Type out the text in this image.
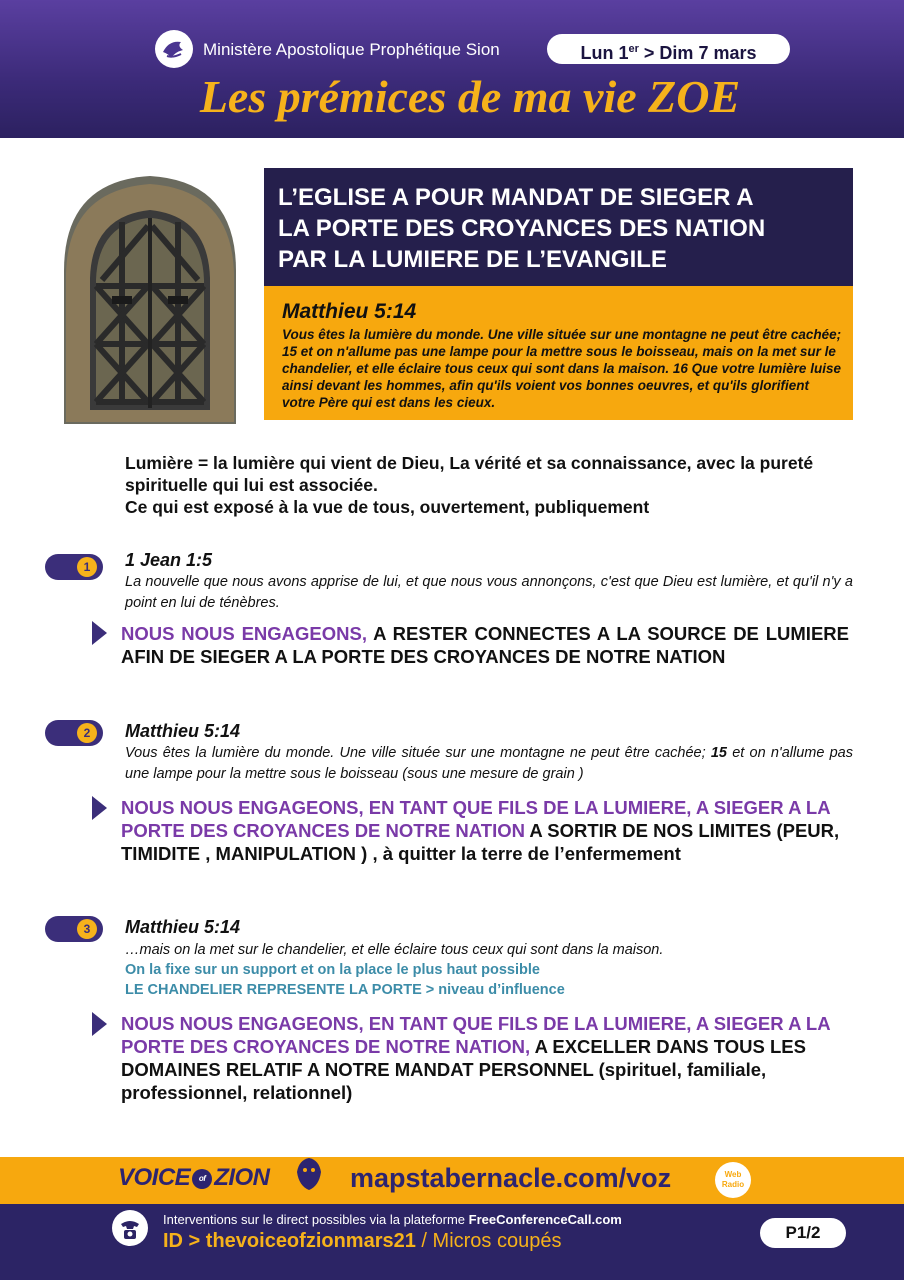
Ministère Apostolique Prophétique Sion	Lun 1er > Dim 7 mars
Les prémices de ma vie ZOE
L’EGLISE A POUR MANDAT DE SIEGER A
LA PORTE DES CROYANCES DES NATION
PAR LA LUMIERE DE L’EVANGILE
Matthieu 5:14
Vous êtes la lumière du monde. Une ville située sur une montagne ne peut être cachée; 15 et on n'allume pas une lampe pour la mettre sous le boisseau, mais on la met sur le chandelier, et elle éclaire tous ceux qui sont dans la maison. 16 Que votre lumière luise ainsi devant les hommes, afin qu'ils voient vos bonnes oeuvres, et qu'ils glorifient votre Père qui est dans les cieux.
Lumière = la lumière qui vient de Dieu, La vérité et sa connaissance, avec la pureté spirituelle qui lui est associée.
Ce qui est exposé à la vue de tous, ouvertement, publiquement
1	1 Jean 1:5
La nouvelle que nous avons apprise de lui, et que nous vous annonçons, c'est que Dieu est lumière, et qu'il n'y a point en lui de ténèbres.
NOUS NOUS ENGAGEONS, A RESTER CONNECTES A LA SOURCE DE LUMIERE AFIN DE SIEGER A LA PORTE DES CROYANCES DE NOTRE NATION
2	Matthieu 5:14
Vous êtes la lumière du monde. Une ville située sur une montagne ne peut être cachée; 15 et on n'allume pas une lampe pour la mettre sous le boisseau (sous une mesure de grain )
NOUS NOUS ENGAGEONS, EN TANT QUE FILS DE LA LUMIERE, A SIEGER A LA PORTE DES CROYANCES DE NOTRE NATION A SORTIR DE NOS LIMITES (PEUR, TIMIDITE , MANIPULATION ) , à quitter la terre de l’enfermement
3	Matthieu 5:14
…mais on la met sur le chandelier, et elle éclaire tous ceux qui sont dans la maison.
On la fixe sur un support et on la place le plus haut possible
LE CHANDELIER REPRESENTE LA PORTE > niveau d’influence
NOUS NOUS ENGAGEONS, EN TANT QUE FILS DE LA LUMIERE, A SIEGER A LA PORTE DES CROYANCES DE NOTRE NATION, A EXCELLER DANS TOUS LES DOMAINES RELATIF A NOTRE MANDAT PERSONNEL (spirituel, familiale, professionnel, relationnel)
VOICE of ZION	mapstabernacle.com/voz	Web
Radio
Interventions sur le direct possibles via la plateforme FreeConferenceCall.com
ID > thevoiceofzionmars21 / Micros coupés	P1/2
